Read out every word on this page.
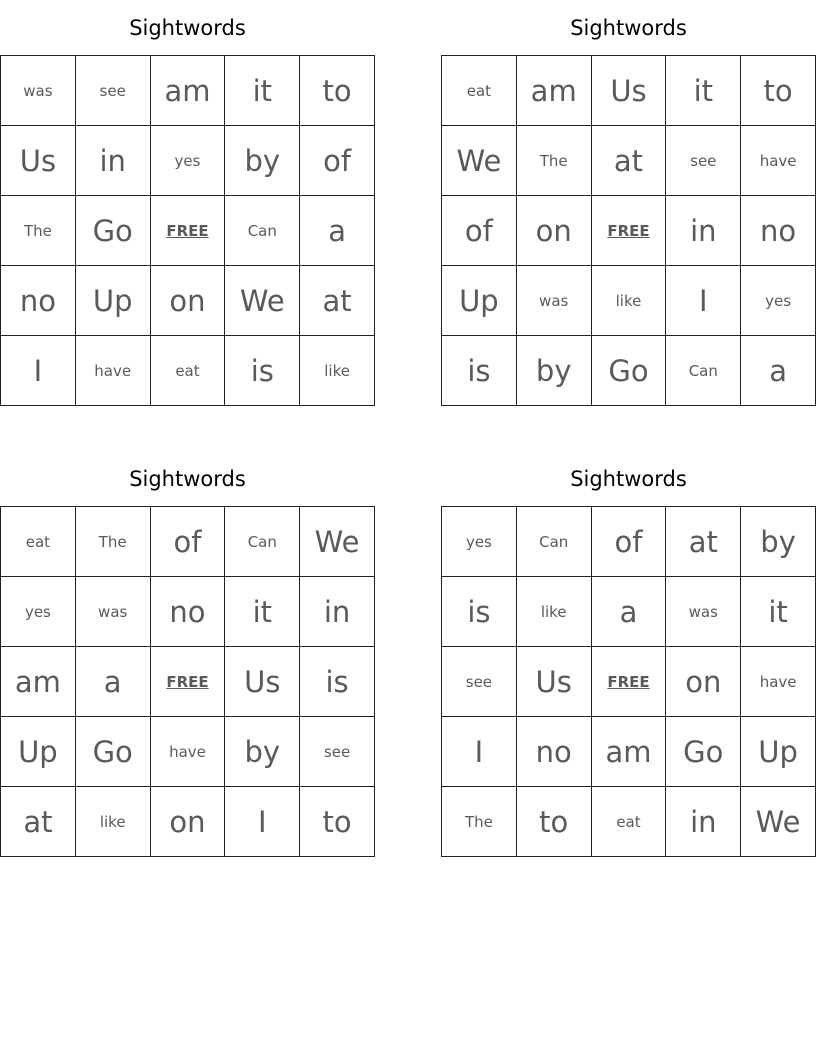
Sightwords
was	see	am	it	to
Us	in	yes	by	of
The	Go	FREE	Can	a
no	Up	on	We	at
I	have	eat	is	like
Sightwords
eat	am	Us	it	to
We	The	at	see	have
of	on	FREE	in	no
Up	was	like	I	yes
is	by	Go	Can	a
Sightwords
eat	The	of	Can	We
yes	was	no	it	in
am	a	FREE	Us	is
Up	Go	have	by	see
at	like	on	I	to
Sightwords
yes	Can	of	at	by
is	like	a	was	it
see	Us	FREE	on	have
I	no	am	Go	Up
The	to	eat	in	We
